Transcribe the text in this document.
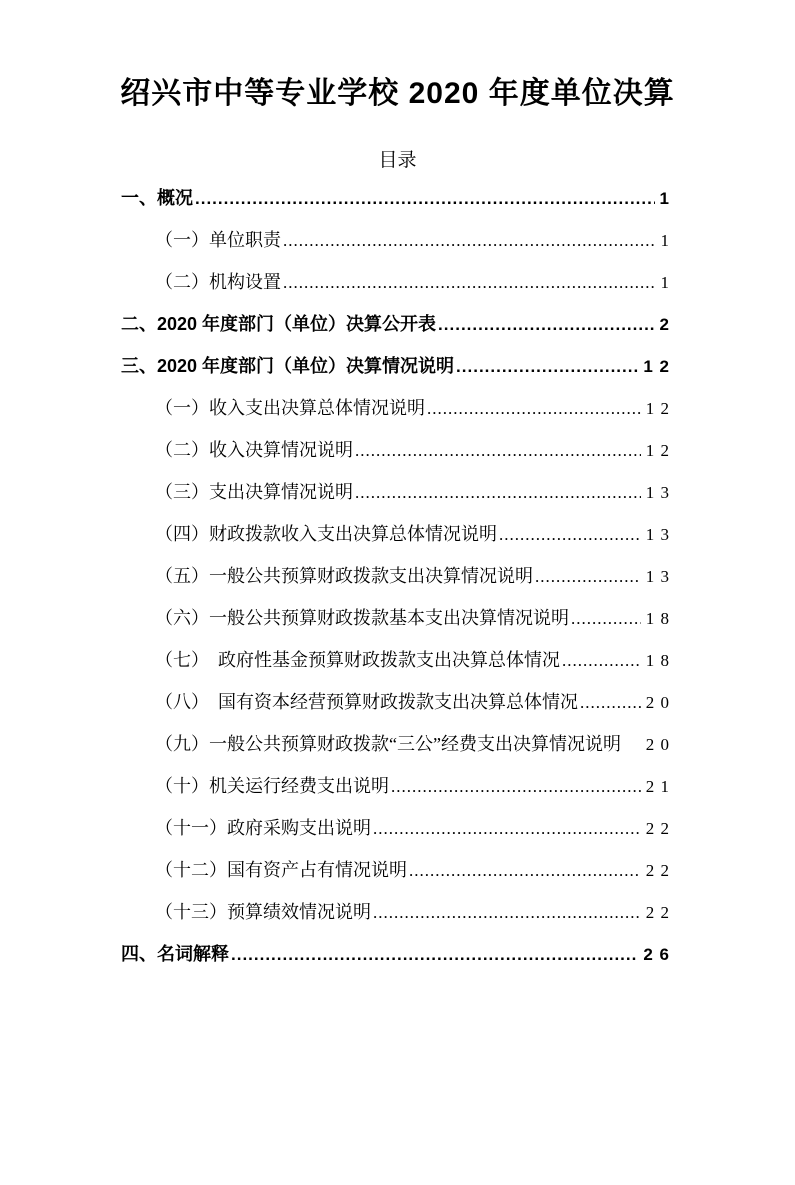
绍兴市中等专业学校 2020 年度单位决算
目录
一、概况 .....	1
（一）单位职责 .....	1
（二）机构设置 .....	1
二、2020 年度部门（单位）决算公开表 .....	2
三、2020 年度部门（单位）决算情况说明 .....	1 2
（一）收入支出决算总体情况说明 .....	1 2
（二）收入决算情况说明 .....	1 2
（三）支出决算情况说明 .....	1 3
（四）财政拨款收入支出决算总体情况说明 .....	1 3
（五）一般公共预算财政拨款支出决算情况说明 .....	1 3
（六）一般公共预算财政拨款基本支出决算情况说明 .....	1 8
（七）　政府性基金预算财政拨款支出决算总体情况 .....	1 8
（八）　国有资本经营预算财政拨款支出决算总体情况 .....	2 0
（九）一般公共预算财政拨款“三公”经费支出决算情况说明 2 0
（十）机关运行经费支出说明 .....	2 1
（十一）政府采购支出说明 .....	2 2
（十二）国有资产占有情况说明 .....	2 2
（十三）预算绩效情况说明 .....	2 2
四、名词解释 .....	2 6
